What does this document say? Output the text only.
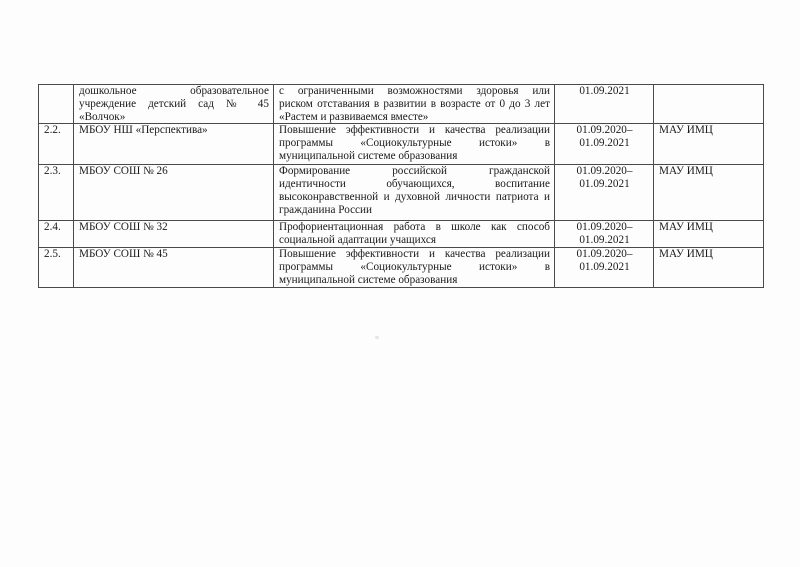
	дошкольное образовательное
учреждение детский сад № 45
«Волчок»	с ограниченными возможностями здоровья или
риском отставания в развитии в возрасте от 0 до 3 лет
«Растем и развиваемся вместе»	01.09.2021	

2.2.	МБОУ НШ «Перспектива»	Повышение эффективности и качества реализации
программы «Социокультурные истоки» в
муниципальной системе образования	01.09.2020–
01.09.2021	МАУ ИМЦ
2.3.	МБОУ СОШ № 26	Формирование российской гражданской
идентичности обучающихся, воспитание
высоконравственной и духовной личности патриота и
гражданина России	01.09.2020–
01.09.2021	МАУ ИМЦ
2.4.	МБОУ СОШ № 32	Профориентационная работа в школе как способ
социальной адаптации учащихся	01.09.2020–
01.09.2021	МАУ ИМЦ
2.5.	МБОУ СОШ № 45	Повышение эффективности и качества реализации
программы «Социокультурные истоки» в
муниципальной системе образования	01.09.2020–
01.09.2021	МАУ ИМЦ
